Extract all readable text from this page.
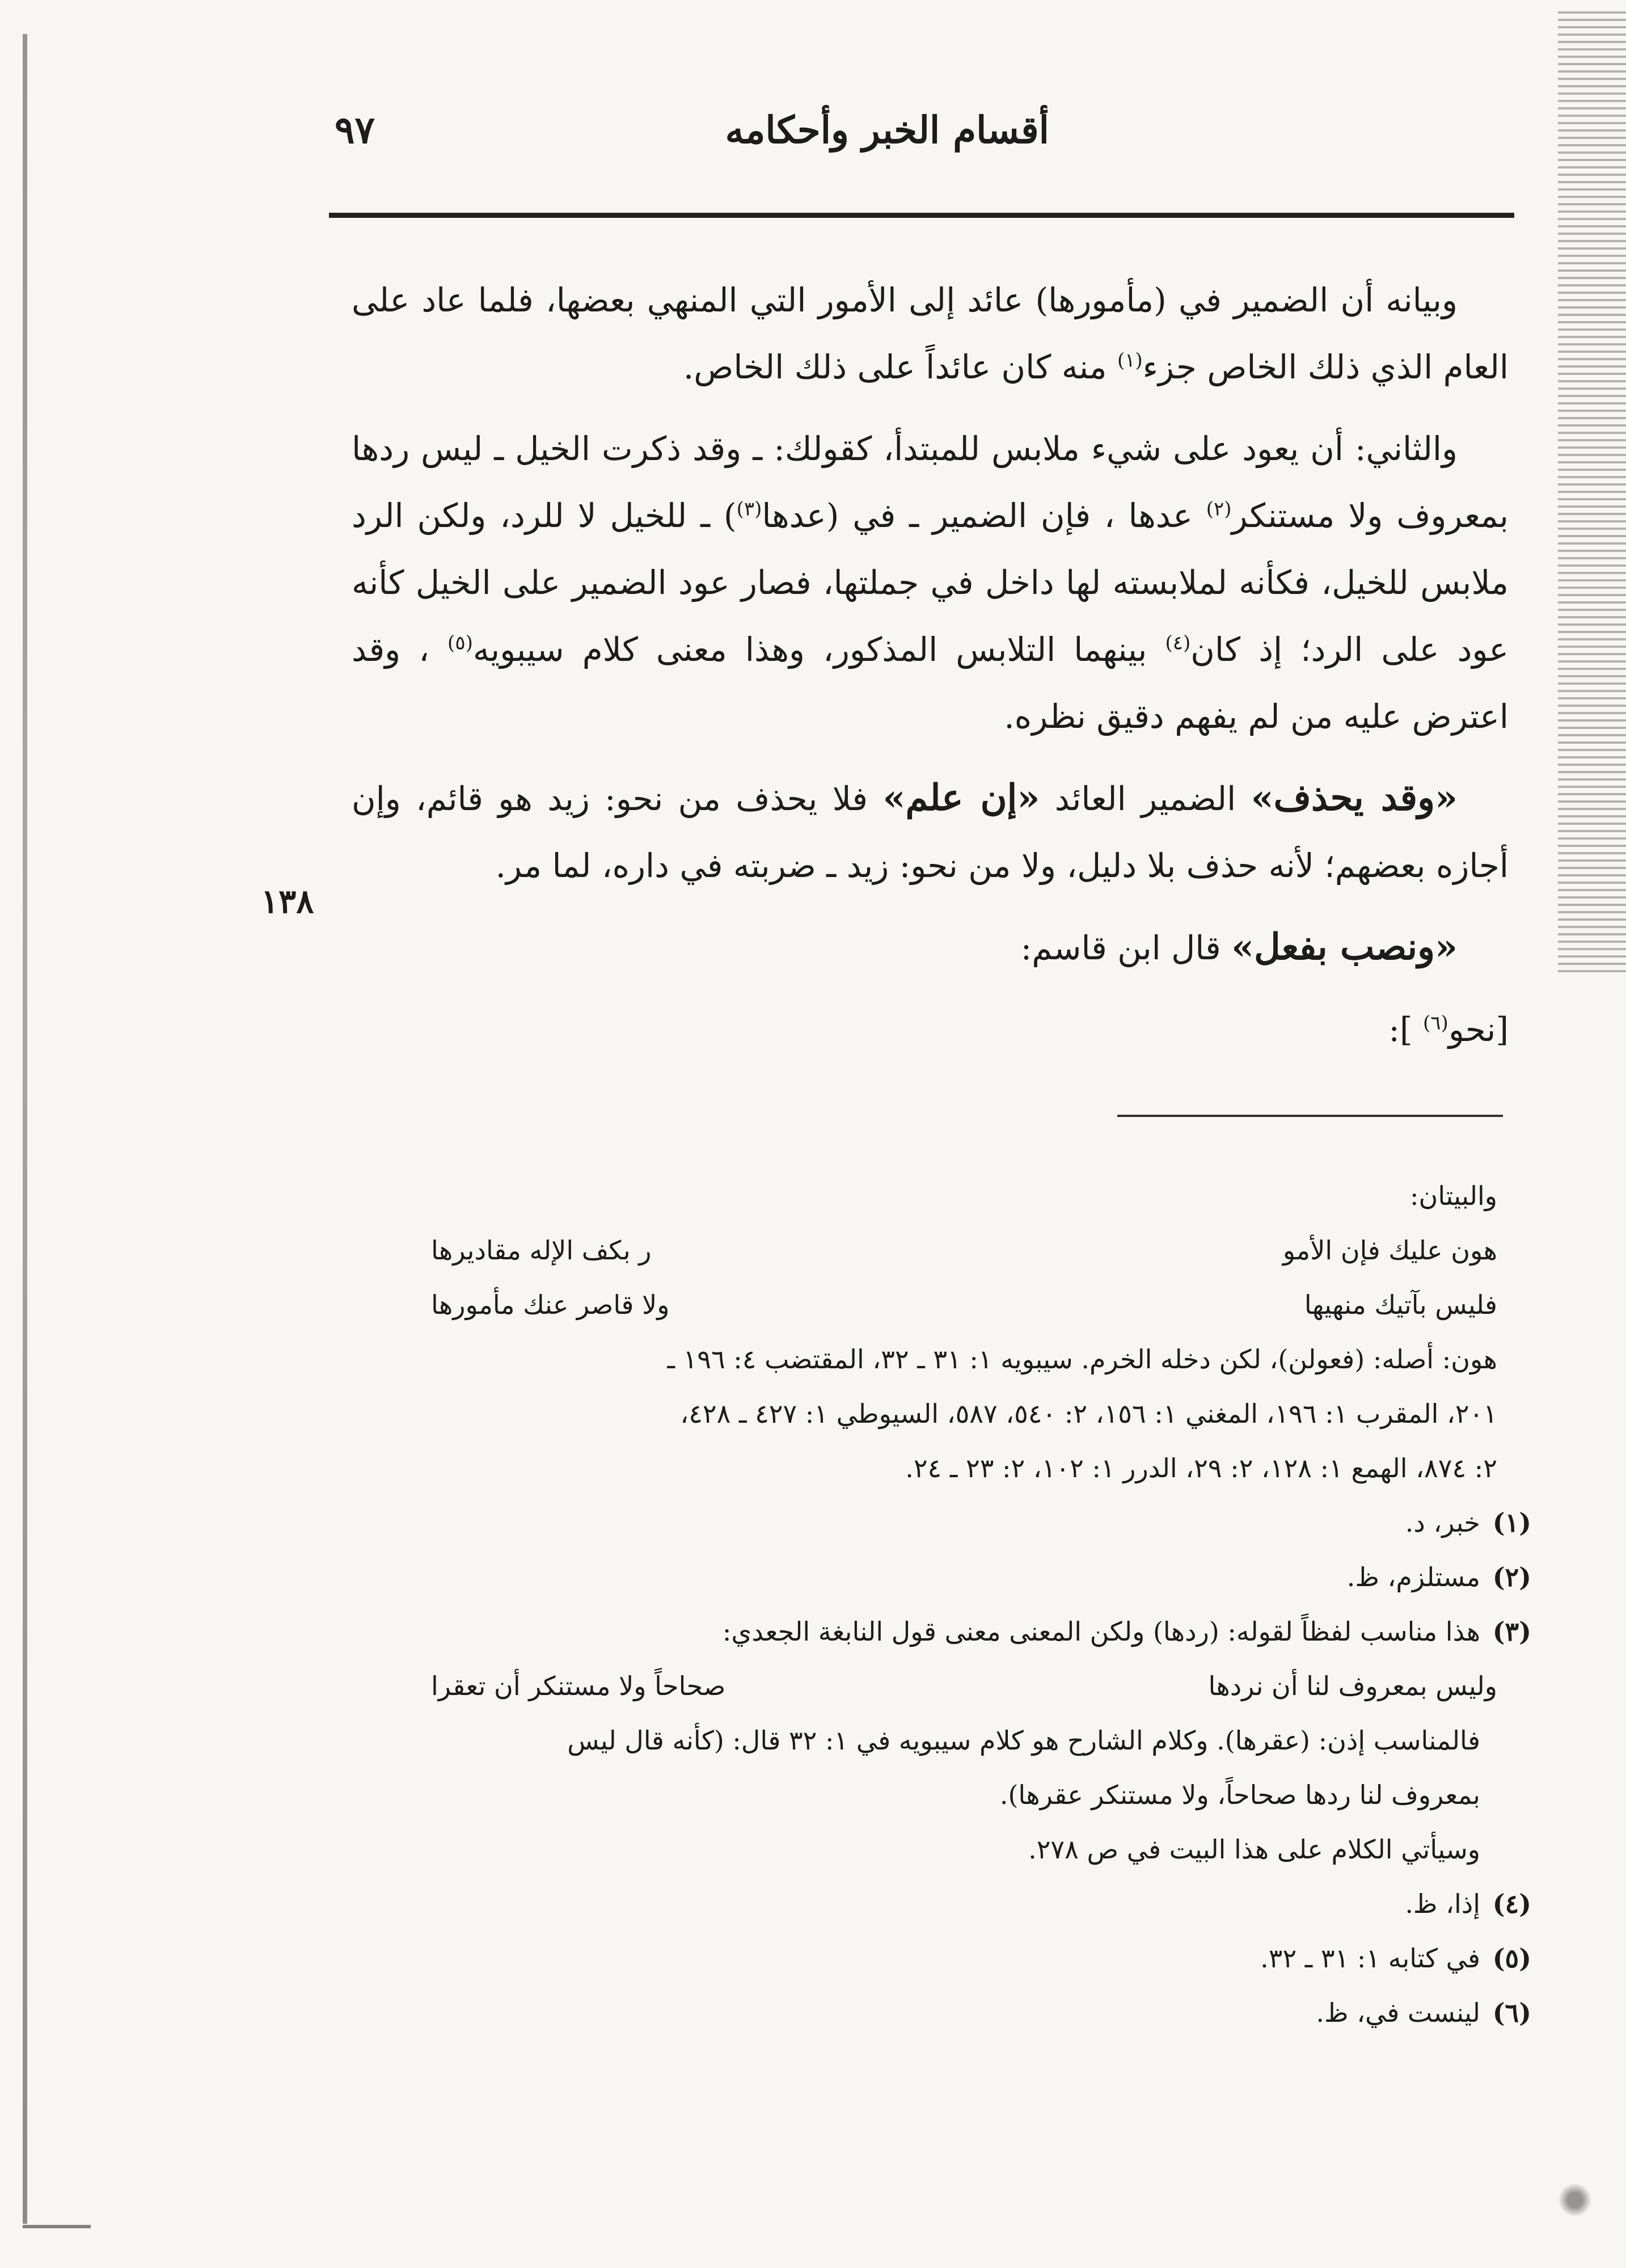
أقسام الخبر وأحكامه
٩٧

وبيانه أن الضمير في (مأمورها) عائد إلى الأمور التي المنهي بعضها، فلما عاد على العام الذي ذلك الخاص جزء$^{(١)}$ منه كان عائداً على ذلك الخاص.

والثاني: أن يعود على شيء ملابس للمبتدأ، كقولك: ـ وقد ذكرت الخيل ـ ليس ردها بمعروف ولا مستنكر$^{(٢)}$ عدها ، فإن الضمير ـ في (عدها$^{(٣)}$) ـ للخيل لا للرد، ولكن الرد ملابس للخيل، فكأنه لملابسته لها داخل في جملتها، فصار عود الضمير على الخيل كأنه عود على الرد؛ إذ كان$^{(٤)}$ بينهما التلابس المذكور، وهذا معنى كلام سيبويه$^{(٥)}$ ، وقد اعترض عليه من لم يفهم دقيق نظره.

«وقد يحذف» الضمير العائد «إن علم» فلا يحذف من نحو: زيد هو قائم، وإن أجازه بعضهم؛ لأنه حذف بلا دليل، ولا من نحو: زيد ـ ضربته في داره، لما مر.

«ونصب بفعل» قال ابن قاسم:

[نحو$^{(٦)}$ ]:

١٣٨
والبيتان:
هون عليك فإن الأمو
ر بكف الإله مقاديرها
فليس بآتيك منهيها
ولا قاصر عنك مأمورها
هون: أصله: (فعولن)، لكن دخله الخرم. سيبويه ١: ٣١ ـ ٣٢، المقتضب ٤: ١٩٦ ـ
٢٠١، المقرب ١: ١٩٦، المغني ١: ١٥٦، ٢: ٥٤٠، ٥٨٧، السيوطي ١: ٤٢٧ ـ ٤٢٨،
٢: ٨٧٤، الهمع ١: ١٢٨، ٢: ٢٩، الدرر ١: ١٠٢، ٢: ٢٣ ـ ٢٤.
(١)
خبر، د.
(٢)
مستلزم، ظ.
(٣)
هذا مناسب لفظاً لقوله: (ردها) ولكن المعنى معنى قول النابغة الجعدي:
وليس بمعروف لنا أن نردها
صحاحاً ولا مستنكر أن تعقرا
فالمناسب إذن: (عقرها). وكلام الشارح هو كلام سيبويه في ١: ٣٢ قال: (كأنه قال ليس
بمعروف لنا ردها صحاحاً، ولا مستنكر عقرها).
وسيأتي الكلام على هذا البيت في ص ٢٧٨.
(٤)
إذا، ظ.
(٥)
في كتابه ١: ٣١ ـ ٣٢.
(٦)
لينست في، ظ.
